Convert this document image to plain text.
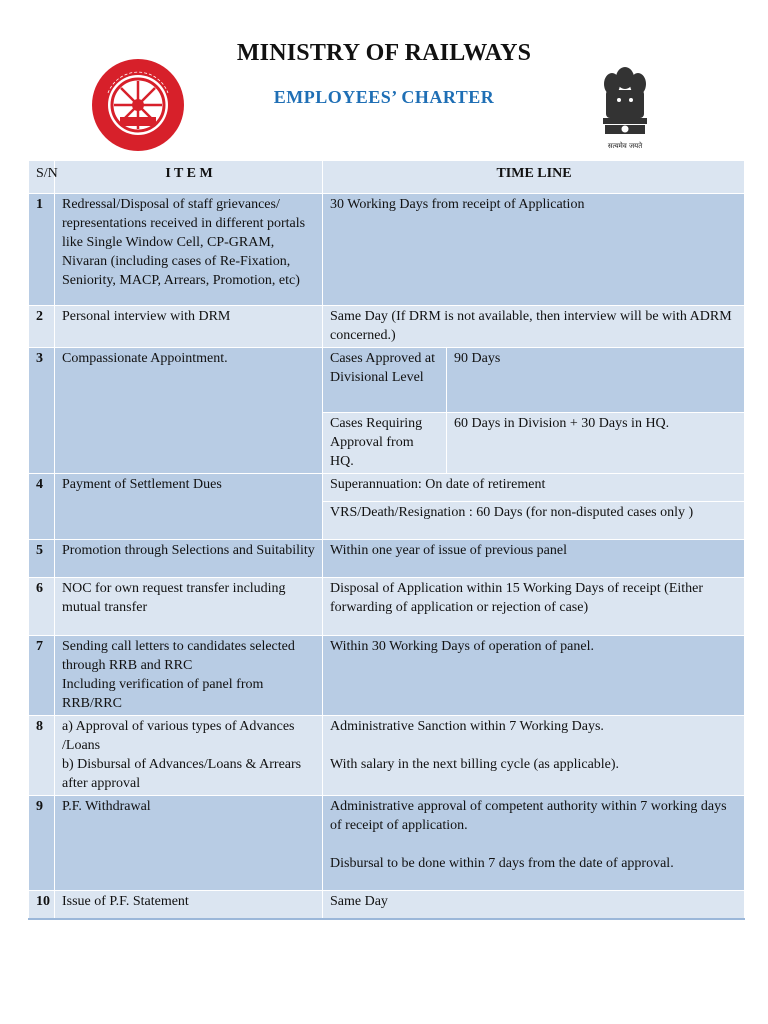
MINISTRY OF RAILWAYS
EMPLOYEES’ CHARTER
सत्यमेव जयते
S/N	I T E M	TIME LINE	
1	Redressal/Disposal of staff grievances/ representations received in different portals like Single Window Cell, CP-GRAM, Nivaran (including cases of Re-Fixation, Seniority, MACP, Arrears, Promotion, etc)	30 Working Days from receipt of Application	
2	Personal interview with DRM	Same Day (If DRM is not available, then interview will be with ADRM concerned.)	
3	Compassionate Appointment.	Cases Approved at Divisional Level	90 Days
		Cases Requiring Approval from HQ.	60 Days in Division + 30 Days in HQ.
4	Payment of Settlement Dues	Superannuation: On date of retirement	
		VRS/Death/Resignation : 60 Days (for non-disputed cases only )	
5	Promotion through Selections and Suitability	Within one year of issue of previous panel	
6	NOC for own request transfer including mutual transfer	Disposal of Application within 15 Working Days of receipt (Either forwarding of application or rejection of case)	
7	Sending call letters to candidates selected through RRB and RRC
Including verification of panel from RRB/RRC	Within 30 Working Days of operation of panel.	
8	a) Approval of various types of Advances /Loans
b) Disbursal of Advances/Loans & Arrears after approval	Administrative Sanction within 7 Working Days.
With salary in the next billing cycle (as applicable).	
9	P.F. Withdrawal	Administrative approval of competent authority within 7 working days of receipt of application.
Disbursal to be done within 7 days from the date of approval.	
10	Issue of P.F. Statement	Same Day	
